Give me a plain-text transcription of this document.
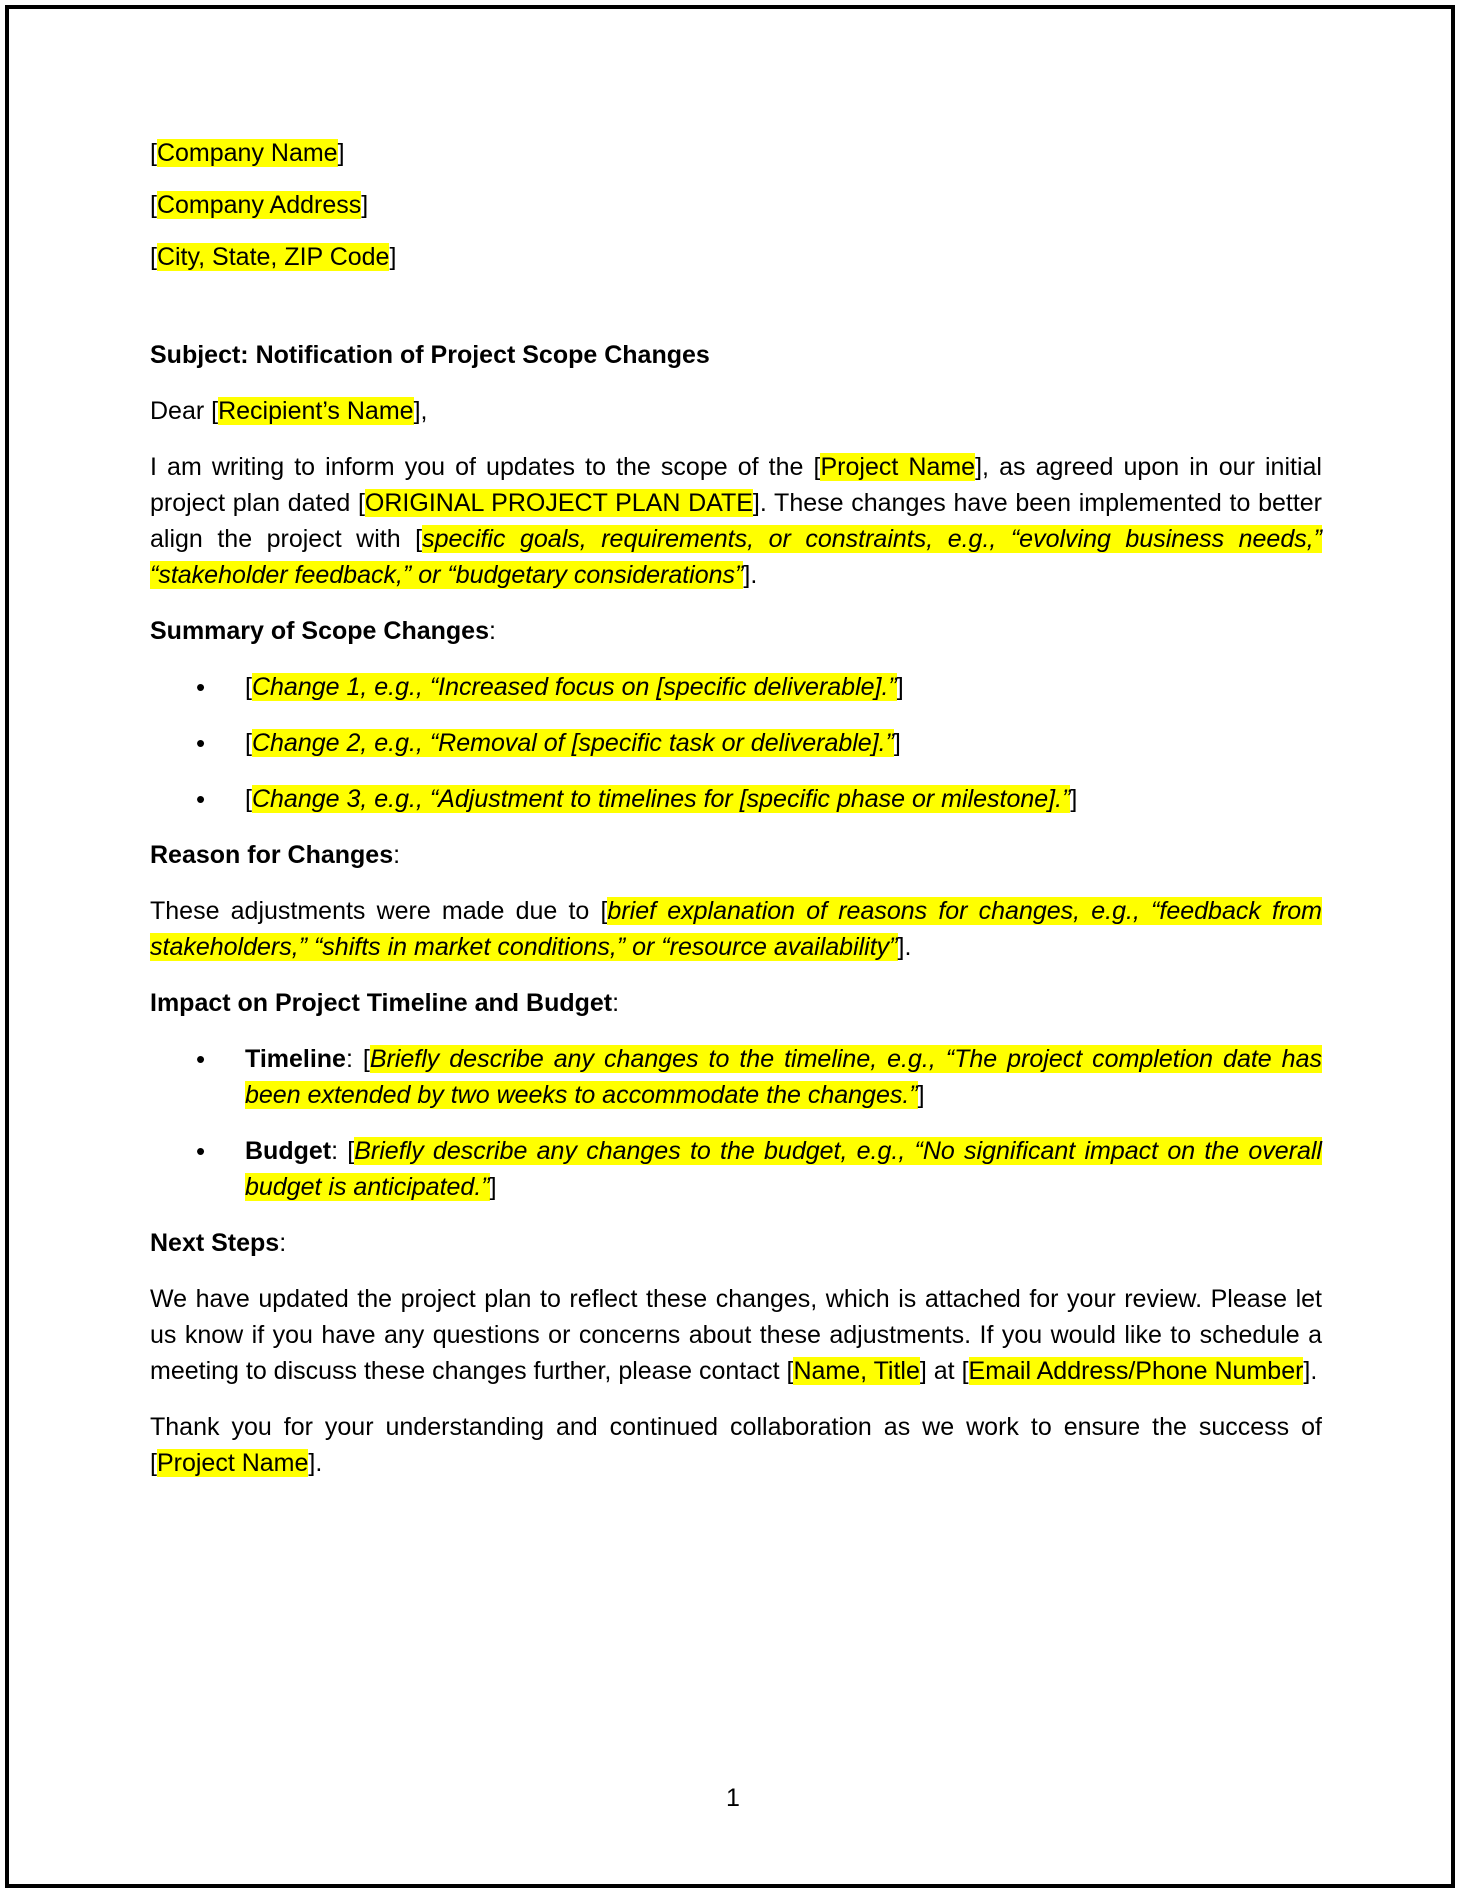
[Company Name]

[Company Address]

[City, State, ZIP Code]

Subject: Notification of Project Scope Changes

Dear [Recipient’s Name],

I am writing to inform you of updates to the scope of the [Project Name], as agreed upon in our initial project plan dated [ORIGINAL PROJECT PLAN DATE]. These changes have been implemented to better align the project with [specific goals, requirements, or constraints, e.g., “evolving business needs,” “stakeholder feedback,” or “budgetary considerations”].

Summary of Scope Changes:

• [Change 1, e.g., “Increased focus on [specific deliverable].”]
• [Change 2, e.g., “Removal of [specific task or deliverable].”]
• [Change 3, e.g., “Adjustment to timelines for [specific phase or milestone].”]

Reason for Changes:

These adjustments were made due to [brief explanation of reasons for changes, e.g., “feedback from stakeholders,” “shifts in market conditions,” or “resource availability”].

Impact on Project Timeline and Budget:

• Timeline: [Briefly describe any changes to the timeline, e.g., “The project completion date has been extended by two weeks to accommodate the changes.”]
• Budget: [Briefly describe any changes to the budget, e.g., “No significant impact on the overall budget is anticipated.”]

Next Steps:

We have updated the project plan to reflect these changes, which is attached for your review. Please let us know if you have any questions or concerns about these adjustments. If you would like to schedule a meeting to discuss these changes further, please contact [Name, Title] at [Email Address/Phone Number].

Thank you for your understanding and continued collaboration as we work to ensure the success of [Project Name].

1
